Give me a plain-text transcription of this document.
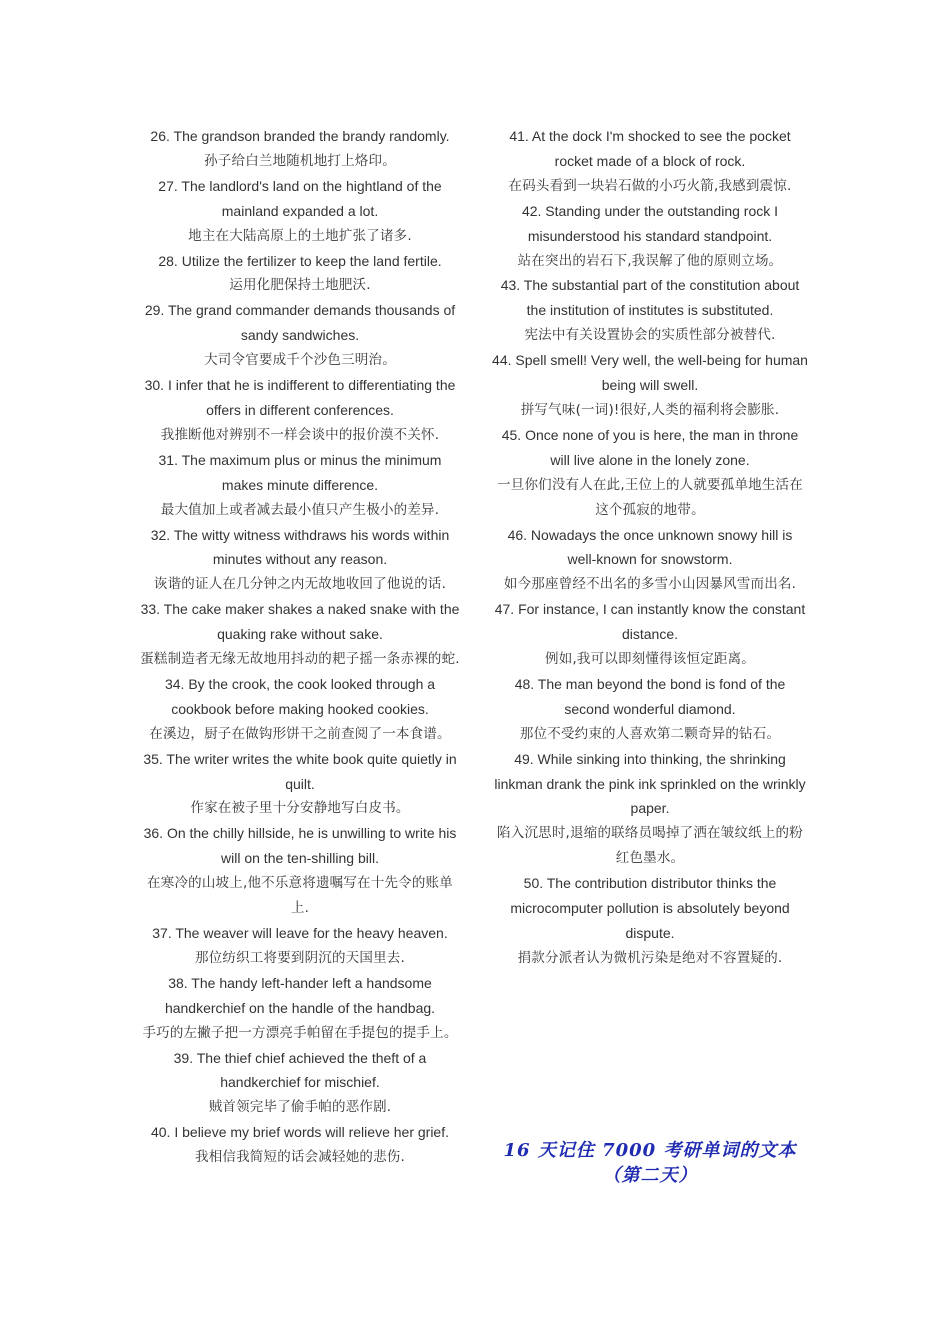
26. The grandson branded the brandy randomly.
孙子给白兰地随机地打上烙印。
27. The landlord's land on the hightland of the mainland expanded a lot.
地主在大陆高原上的土地扩张了诸多.
28. Utilize the fertilizer to keep the land fertile.
运用化肥保持土地肥沃.
29. The grand commander demands thousands of sandy sandwiches.
大司令官要成千个沙色三明治。
30. I infer that he is indifferent to differentiating the offers in different conferences.
我推断他对辨别不一样会谈中的报价漠不关怀.
31. The maximum plus or minus the minimum makes minute difference.
最大值加上或者减去最小值只产生极小的差异.
32. The witty witness withdraws his words within minutes without any reason.
诙谐的证人在几分钟之内无故地收回了他说的话.
33. The cake maker shakes a naked snake with the quaking rake without sake.
蛋糕制造者无缘无故地用抖动的耙子摇一条赤裸的蛇.
34. By the crook, the cook looked through a cookbook before making hooked cookies.
在溪边，厨子在做钩形饼干之前查阅了一本食谱。
35. The writer writes the white book quite quietly in quilt.
作家在被子里十分安静地写白皮书。
36. On the chilly hillside, he is unwilling to write his will on the ten-shilling bill.
在寒冷的山坡上,他不乐意将遗嘱写在十先令的账单上.
37. The weaver will leave for the heavy heaven.
那位纺织工将要到阴沉的天国里去.
38. The handy left-hander left a handsome handkerchief on the handle of the handbag.
手巧的左撇子把一方漂亮手帕留在手提包的提手上。
39. The thief chief achieved the theft of a handkerchief for mischief.
贼首领完毕了偷手帕的恶作剧.
40. I believe my brief words will relieve her grief.
我相信我简短的话会减轻她的悲伤.
41. At the dock I'm shocked to see the pocket rocket made of a block of rock.
在码头看到一块岩石做的小巧火箭,我感到震惊.
42. Standing under the outstanding rock I misunderstood his standard standpoint.
站在突出的岩石下,我误解了他的原则立场。
43. The substantial part of the constitution about the institution of institutes is substituted.
宪法中有关设置协会的实质性部分被替代.
44. Spell smell! Very well, the well-being for human being will swell.
拼写气味(一词)!很好,人类的福利将会膨胀.
45. Once none of you is here, the man in throne will live alone in the lonely zone.
一旦你们没有人在此,王位上的人就要孤单地生活在这个孤寂的地带。
46. Nowadays the once unknown snowy hill is well-known for snowstorm.
如今那座曾经不出名的多雪小山因暴风雪而出名.
47. For instance, I can instantly know the constant distance.
例如,我可以即刻懂得该恒定距离。
48. The man beyond the bond is fond of the second wonderful diamond.
那位不受约束的人喜欢第二颗奇异的钻石。
49. While sinking into thinking, the shrinking linkman drank the pink ink sprinkled on the wrinkly paper.
陷入沉思时,退缩的联络员喝掉了洒在皱纹纸上的粉红色墨水。
50. The contribution distributor thinks the microcomputer pollution is absolutely beyond dispute.
捐款分派者认为微机污染是绝对不容置疑的.
16 天记住 7000 考研单词的文本
（第二天）
